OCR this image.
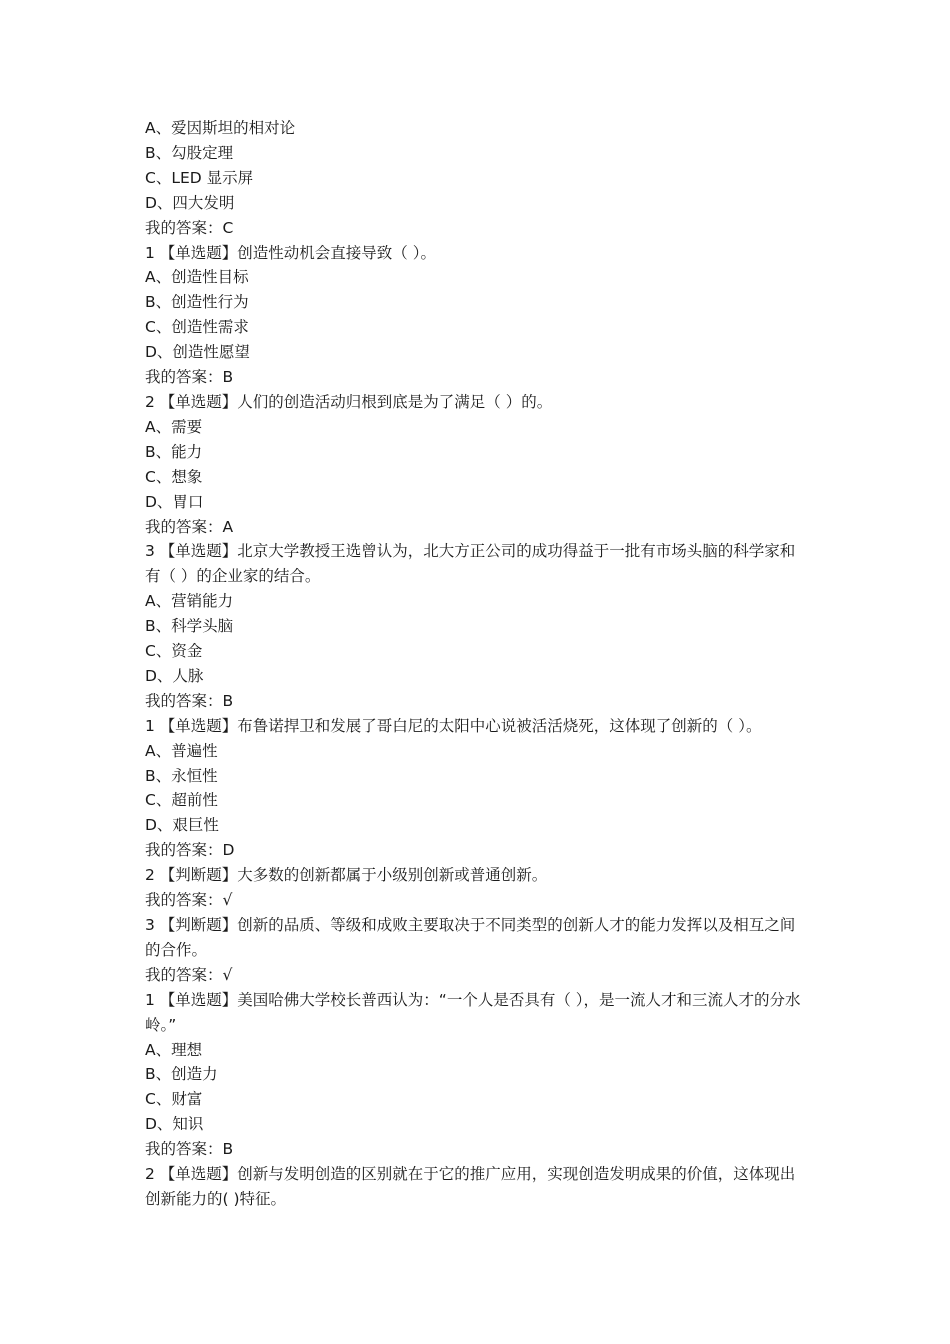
A、爱因斯坦的相对论

B、勾股定理

C、LED 显示屏

D、四大发明

我的答案：C

1 【单选题】创造性动机会直接导致（ ）。

A、创造性目标

B、创造性行为

C、创造性需求

D、创造性愿望

我的答案：B

2 【单选题】人们的创造活动归根到底是为了满足（ ）的。

A、需要

B、能力

C、想象

D、胃口

我的答案：A

3 【单选题】北京大学教授王选曾认为，北大方正公司的成功得益于一批有市场头脑的科学家和有（ ）的企业家的结合。

A、营销能力

B、科学头脑

C、资金

D、人脉

我的答案：B

1 【单选题】布鲁诺捍卫和发展了哥白尼的太阳中心说被活活烧死，这体现了创新的（ ）。

A、普遍性

B、永恒性

C、超前性

D、艰巨性

我的答案：D

2 【判断题】大多数的创新都属于小级别创新或普通创新。

我的答案：√

3 【判断题】创新的品质、等级和成败主要取决于不同类型的创新人才的能力发挥以及相互之间的合作。

我的答案：√

1 【单选题】美国哈佛大学校长普西认为：“一个人是否具有（ ），是一流人才和三流人才的分水岭。”

A、理想

B、创造力

C、财富

D、知识

我的答案：B

2 【单选题】创新与发明创造的区别就在于它的推广应用，实现创造发明成果的价值，这体现出创新能力的( )特征。
